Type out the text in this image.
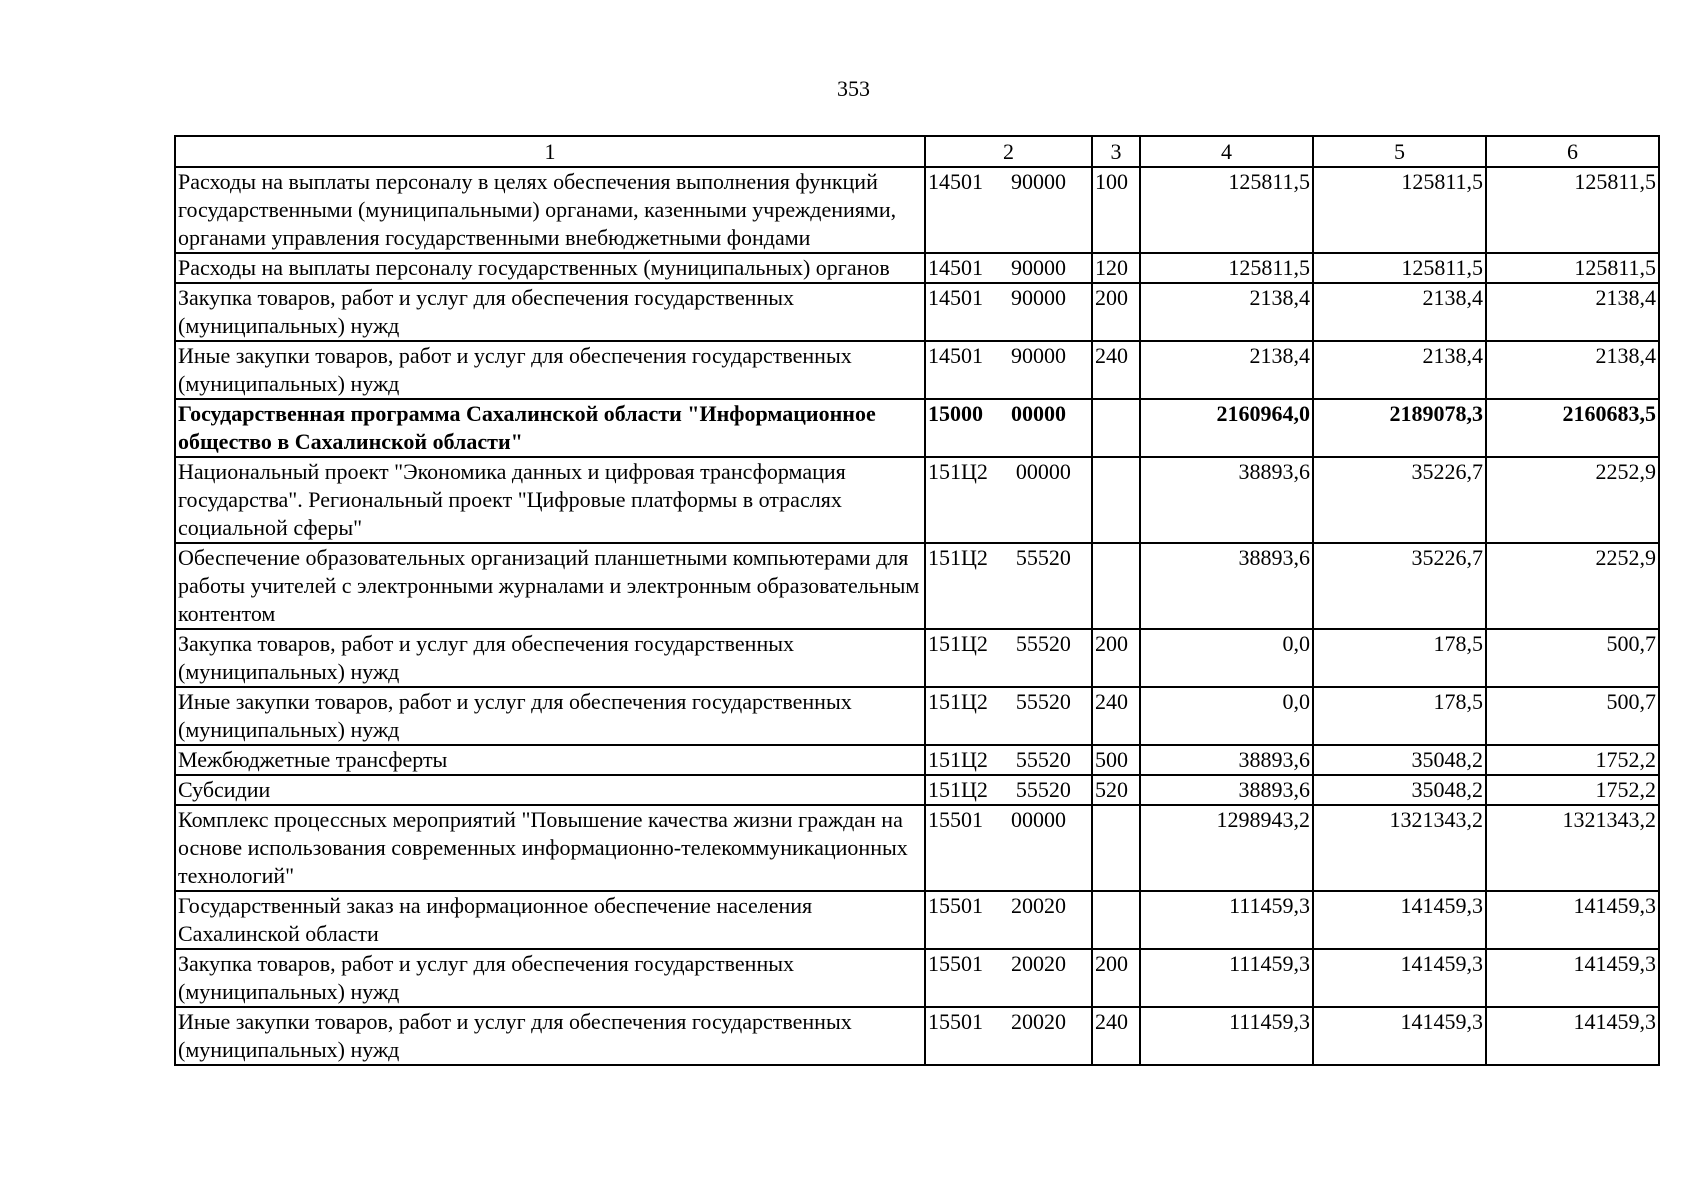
353
1	2	3	4	5	6
Расходы на выплаты персоналу в целях обеспечения выполнения функций государственными (муниципальными) органами, казенными учреждениями, органами управления государственными внебюджетными фондами	14501 90000	100	125811,5	125811,5	125811,5
Расходы на выплаты персоналу государственных (муниципальных) органов	14501 90000	120	125811,5	125811,5	125811,5
Закупка товаров, работ и услуг для обеспечения государственных (муниципальных) нужд	14501 90000	200	2138,4	2138,4	2138,4
Иные закупки товаров, работ и услуг для обеспечения государственных (муниципальных) нужд	14501 90000	240	2138,4	2138,4	2138,4
Государственная программа Сахалинской области "Информационное общество в Сахалинской области"	15000 00000		2160964,0	2189078,3	2160683,5
Национальный проект "Экономика данных и цифровая трансформация государства". Региональный проект "Цифровые платформы в отраслях социальной сферы"	151Ц2 00000		38893,6	35226,7	2252,9
Обеспечение образовательных организаций планшетными компьютерами для работы учителей с электронными журналами и электронным образовательным контентом	151Ц2 55520		38893,6	35226,7	2252,9
Закупка товаров, работ и услуг для обеспечения государственных (муниципальных) нужд	151Ц2 55520	200	0,0	178,5	500,7
Иные закупки товаров, работ и услуг для обеспечения государственных (муниципальных) нужд	151Ц2 55520	240	0,0	178,5	500,7
Межбюджетные трансферты	151Ц2 55520	500	38893,6	35048,2	1752,2
Субсидии	151Ц2 55520	520	38893,6	35048,2	1752,2
Комплекс процессных мероприятий "Повышение качества жизни граждан на основе использования современных информационно-телекоммуникационных технологий"	15501 00000		1298943,2	1321343,2	1321343,2
Государственный заказ на информационное обеспечение населения Сахалинской области	15501 20020		111459,3	141459,3	141459,3
Закупка товаров, работ и услуг для обеспечения государственных (муниципальных) нужд	15501 20020	200	111459,3	141459,3	141459,3
Иные закупки товаров, работ и услуг для обеспечения государственных (муниципальных) нужд	15501 20020	240	111459,3	141459,3	141459,3
